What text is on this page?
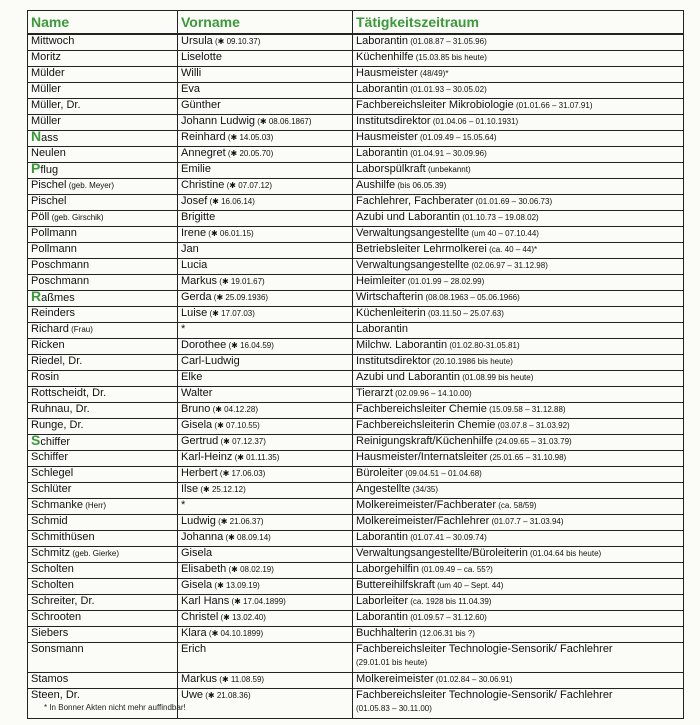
Name	Vorname	Tätigkeitszeitraum
Mittwoch	Ursula (✱ 09.10.37)	Laborantin (01.08.87 – 31.05.96)
Moritz	Liselotte	Küchenhilfe (15.03.85 bis heute)
Mülder	Willi	Hausmeister (48/49)*
Müller	Eva	Laborantin (01.01.93 – 30.05.02)
Müller, Dr.	Günther	Fachbereichsleiter Mikrobiologie (01.01.66 – 31.07.91)
Müller	Johann Ludwig (✱ 08.06.1867)	Institutsdirektor (01.04.06 – 01.10.1931)
Nass	Reinhard (✱ 14.05.03)	Hausmeister (01.09.49 – 15.05.64)
Neulen	Annegret (✱ 20.05.70)	Laborantin (01.04.91 – 30.09.96)
Pflug	Emilie	Laborspülkraft (unbekannt)
Pischel (geb. Meyer)	Christine (✱ 07.07.12)	Aushilfe (bis 06.05.39)
Pischel	Josef (✱ 16.06.14)	Fachlehrer, Fachberater (01.01.69 – 30.06.73)
Pöll (geb. Girschik)	Brigitte	Azubi und Laborantin (01.10.73 – 19.08.02)
Pollmann	Irene (✱ 06.01.15)	Verwaltungsangestellte (um 40 – 07.10.44)
Pollmann	Jan	Betriebsleiter Lehrmolkerei (ca. 40 – 44)*
Poschmann	Lucia	Verwaltungsangestellte (02.06.97 – 31.12.98)
Poschmann	Markus (✱ 19.01.67)	Heimleiter (01.01.99 – 28.02.99)
Raßmes	Gerda (✱ 25.09.1936)	Wirtschafterin (08.08.1963 – 05.06.1966)
Reinders	Luise (✱ 17.07.03)	Küchenleiterin (03.11.50 – 25.07.63)
Richard (Frau)	*	Laborantin
Ricken	Dorothee (✱ 16.04.59)	Milchw. Laborantin (01.02.80-31.05.81)
Riedel, Dr.	Carl-Ludwig	Institutsdirektor (20.10.1986 bis heute)
Rosin	Elke	Azubi und Laborantin (01.08.99 bis heute)
Rottscheidt, Dr.	Walter	Tierarzt (02.09.96 – 14.10.00)
Ruhnau, Dr.	Bruno (✱ 04.12.28)	Fachbereichsleiter Chemie (15.09.58 – 31.12.88)
Runge, Dr.	Gisela (✱ 07.10.55)	Fachbereichsleiterin Chemie (03.07.8 – 31.03.92)
Schiffer	Gertrud (✱ 07.12.37)	Reinigungskraft/Küchenhilfe (24.09.65 – 31.03.79)
Schiffer	Karl-Heinz (✱ 01.11.35)	Hausmeister/Internatsleiter (25.01.65 – 31.10.98)
Schlegel	Herbert (✱ 17.06.03)	Büroleiter (09.04.51 – 01.04.68)
Schlüter	Ilse (✱ 25.12.12)	Angestellte (34/35)
Schmanke (Herr)	*	Molkereimeister/Fachberater (ca. 58/59)
Schmid	Ludwig (✱ 21.06.37)	Molkereimeister/Fachlehrer (01.07.7 – 31.03.94)
Schmithüsen	Johanna (✱ 08.09.14)	Laborantin (01.07.41 – 30.09.74)
Schmitz (geb. Gierke)	Gisela	Verwaltungsangestellte/Büroleiterin (01.04.64 bis heute)
Scholten	Elisabeth (✱ 08.02.19)	Laborgehilfin (01.09.49 – ca. 55?)
Scholten	Gisela (✱ 13.09.19)	Buttereihilfskraft (um 40 – Sept. 44)
Schreiter, Dr.	Karl Hans (✱ 17.04.1899)	Laborleiter (ca. 1928 bis 11.04.39)
Schrooten	Christel (✱ 13.02.40)	Laborantin (01.09.57 – 31.12.60)
Siebers	Klara (✱ 04.10.1899)	Buchhalterin (12.06.31 bis ?)
Sonsmann	Erich	Fachbereichsleiter Technologie-Sensorik/ Fachlehrer
(29.01.01 bis heute)
Stamos	Markus (✱ 11.08.59)	Molkereimeister (01.02.84 – 30.06.91)
Steen, Dr.	Uwe (✱ 21.08.36)	Fachbereichsleiter Technologie-Sensorik/ Fachlehrer
(01.05.83 – 30.11.00)
* In Bonner Akten nicht mehr auffindbar!
